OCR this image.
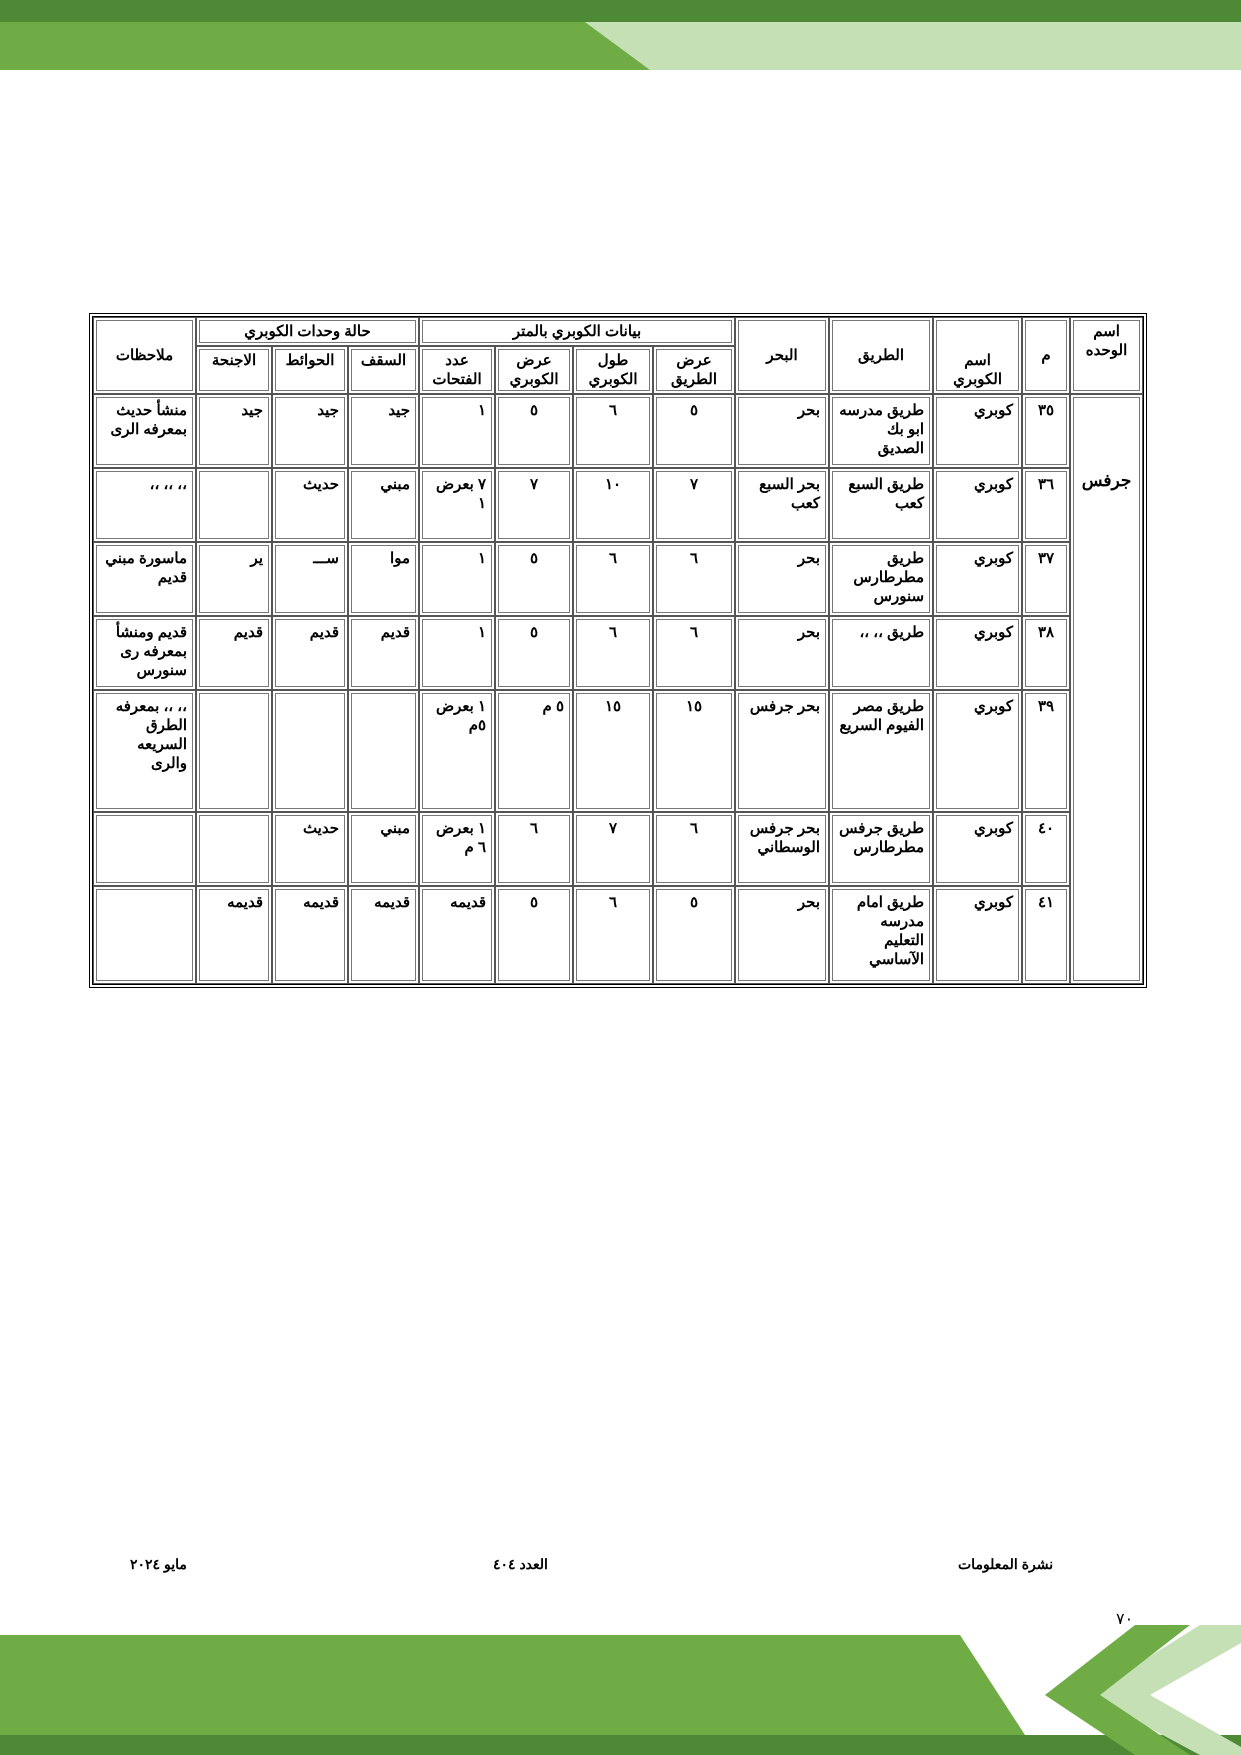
اسم الوحده	م	اسم الكوبري	الطريق	البحر	بيانات الكوبري بالمتر				حالة وحدات الكوبري			ملاحظات
					عرض الطريق	طول الكوبري	عرض الكوبري	عدد الفتحات	السقف	الحوائط	الاجنحة	
جرفس	٣٥	كوبري	طريق مدرسه ابو بك الصديق	بحر	٥	٦	٥	١	جيد	جيد	جيد	منشأ حديث بمعرفه الرى
	٣٦	كوبري	طريق السبع كعب	بحر السبع كعب	٧	١٠	٧	٧ بعرض ١	مبني	حديث		،، ،، ،،
	٣٧	كوبري	طريق مطرطارس سنورس	بحر	٦	٦	٥	١	موا	ســـ	ير	ماسورة مبني قديم
	٣٨	كوبري	طريق ،، ،،	بحر	٦	٦	٥	١	قديم	قديم	قديم	قديم ومنشأ بمعرفه رى سنورس
	٣٩	كوبري	طريق مصر الفيوم السريع	بحر جرفس	١٥	١٥	٥ م	١ بعرض ٥م				،، ،، بمعرفه الطرق السريعه والرى
	٤٠	كوبري	طريق جرفس مطرطارس	بحر جرفس الوسطاني	٦	٧	٦	١ بعرض ٦ م	مبني	حديث		
	٤١	كوبري	طريق امام مدرسه التعليم الآساسي	بحر	٥	٦	٥	قديمه	قديمه	قديمه	قديمه	
مايو ٢٠٢٤	العدد ٤٠٤	نشرة المعلومات
٧٠
